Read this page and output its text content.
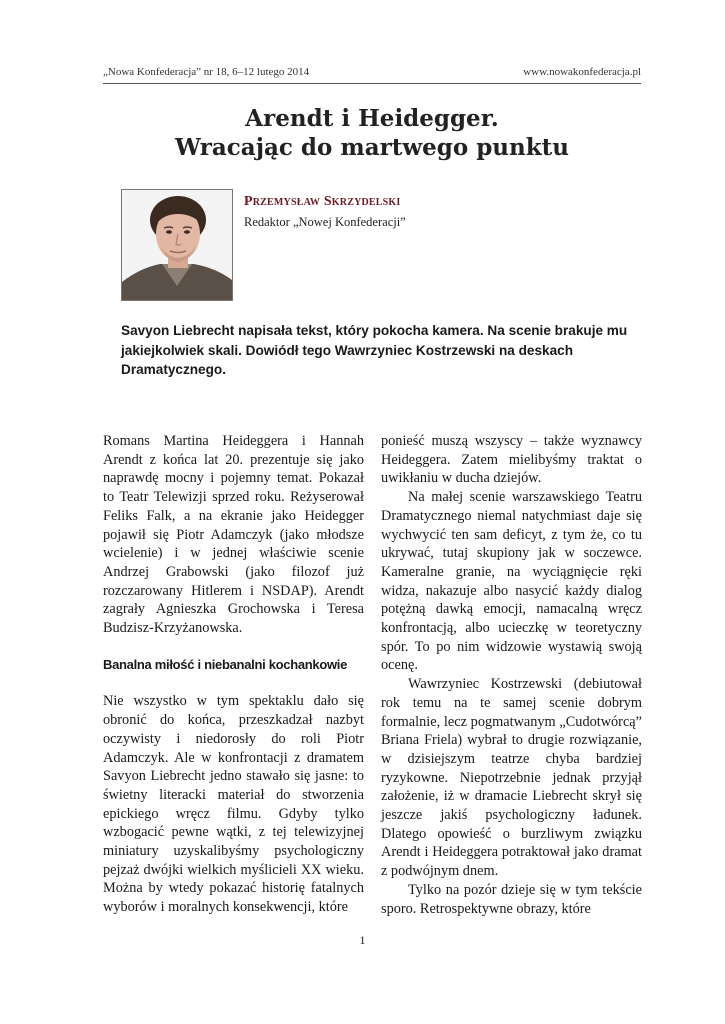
„Nowa Konfederacja” nr 18, 6–12 lutego 2014	www.nowakonfederacja.pl
Arendt i Heidegger.
Wracając do martwego punktu
Przemysław Skrzydelski
Redaktor „Nowej Konfederacji”
Savyon Liebrecht napisała tekst, który pokocha kamera. Na scenie brakuje mu jakiejkolwiek skali. Dowiódł tego Wawrzyniec Kostrzewski na deskach Dramatycznego.

Romans Martina Heideggera i Hannah Arendt z końca lat 20. prezentuje się jako naprawdę mocny i pojemny temat. Pokazał to Teatr Telewizji sprzed roku. Reżyserował Feliks Falk, a na ekranie jako Heidegger pojawił się Piotr Adamczyk (jako młodsze wcielenie) i w jednej właściwie scenie Andrzej Grabowski (jako filozof już rozczarowany Hitlerem i NSDAP). Arendt zagrały Agnieszka Grochowska i Teresa Budzisz-Krzyżanowska.

Banalna miłość i niebanalni kochankowie

Nie wszystko w tym spektaklu dało się obronić do końca, przeszkadzał nazbyt oczywisty i niedorosły do roli Piotr Adamczyk. Ale w konfrontacji z dramatem Savyon Liebrecht jedno stawało się jasne: to świetny literacki materiał do stworzenia epickiego wręcz filmu. Gdyby tylko wzbogacić pewne wątki, z tej telewizyjnej miniatury uzyskalibyśmy psychologiczny pejzaż dwójki wielkich myślicieli XX wieku. Można by wtedy pokazać historię fatalnych wyborów i moralnych konsekwencji, które

ponieść muszą wszyscy – także wyznawcy Heideggera. Zatem mielibyśmy traktat o uwikłaniu w ducha dziejów.

Na małej scenie warszawskiego Teatru Dramatycznego niemal natychmiast daje się wychwycić ten sam deficyt, z tym że, co tu ukrywać, tutaj skupiony jak w soczewce. Kameralne granie, na wyciągnięcie ręki widza, nakazuje albo nasycić każdy dialog potężną dawką emocji, namacalną wręcz konfrontacją, albo ucieczkę w teoretyczny spór. To po nim widzowie wystawią swoją ocenę.

Wawrzyniec Kostrzewski (debiutował rok temu na te samej scenie dobrym formalnie, lecz pogmatwanym „Cudotwórcą” Briana Friela) wybrał to drugie rozwiązanie, w dzisiejszym teatrze chyba bardziej ryzykowne. Niepotrzebnie jednak przyjął założenie, iż w dramacie Liebrecht skrył się jeszcze jakiś psychologiczny ładunek. Dlatego opowieść o burzliwym związku Arendt i Heideggera potraktował jako dramat z podwójnym dnem.

Tylko na pozór dzieje się w tym tekście sporo. Retrospektywne obrazy, które

1
